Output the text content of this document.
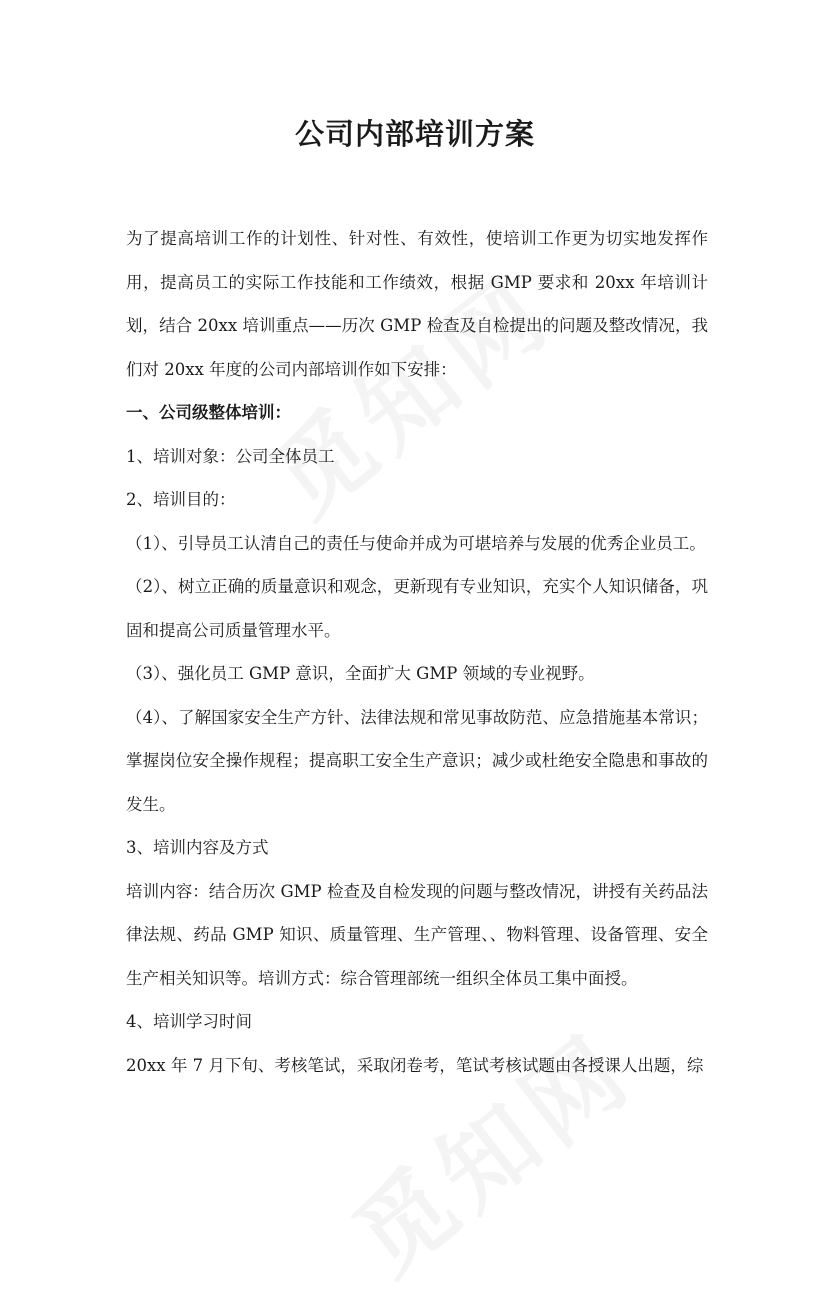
公司内部培训方案

为了提高培训工作的计划性、针对性、有效性，使培训工作更为切实地发挥作用，提高员工的实际工作技能和工作绩效，根据 GMP 要求和 20xx 年培训计划，结合 20xx 培训重点——历次 GMP 检查及自检提出的问题及整改情况，我们对 20xx 年度的公司内部培训作如下安排：

一、公司级整体培训：

1、培训对象：公司全体员工

2、培训目的：

（1）、引导员工认清自己的责任与使命并成为可堪培养与发展的优秀企业员工。

（2）、树立正确的质量意识和观念，更新现有专业知识，充实个人知识储备，巩固和提高公司质量管理水平。

（3）、强化员工 GMP 意识，全面扩大 GMP 领域的专业视野。

（4）、了解国家安全生产方针、法律法规和常见事故防范、应急措施基本常识；掌握岗位安全操作规程；提高职工安全生产意识；减少或杜绝安全隐患和事故的发生。

3、培训内容及方式

培训内容：结合历次 GMP 检查及自检发现的问题与整改情况，讲授有关药品法律法规、药品 GMP 知识、质量管理、生产管理、、物料管理、设备管理、安全生产相关知识等。培训方式：综合管理部统一组织全体员工集中面授。

4、培训学习时间

20xx 年 7 月下旬、考核笔试，采取闭卷考，笔试考核试题由各授课人出题，综
